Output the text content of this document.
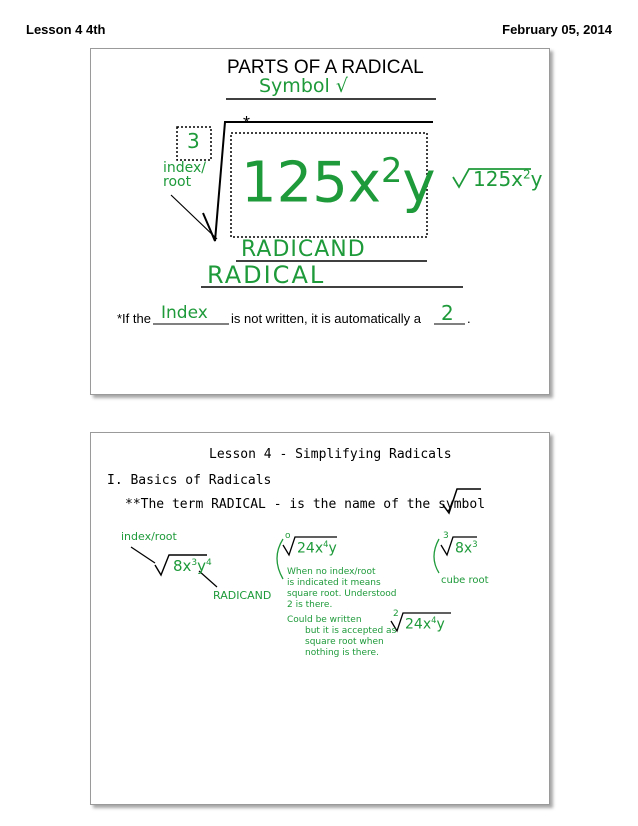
Lesson 4 4th	February 05, 2014
PARTS OF A RADICAL
Symbol √
*
3
index/
root $125x^2y$ $125x^2y$
RADICAND
RADICAL
*If the Index is not written, it is automatically a 2 .
Lesson 4 - Simplifying Radicals
I. Basics of Radicals
**The term RADICAL - is the name of the symbol
index/root
$8x^3y^4$
RADICAND
o
$24x^4y$
When no index/root
is indicated it means
square root. Understood
2 is there.
3
$8x^3$
cube root
Could be written
but it is accepted as
square root when
nothing is there.
2
$24x^4y$
